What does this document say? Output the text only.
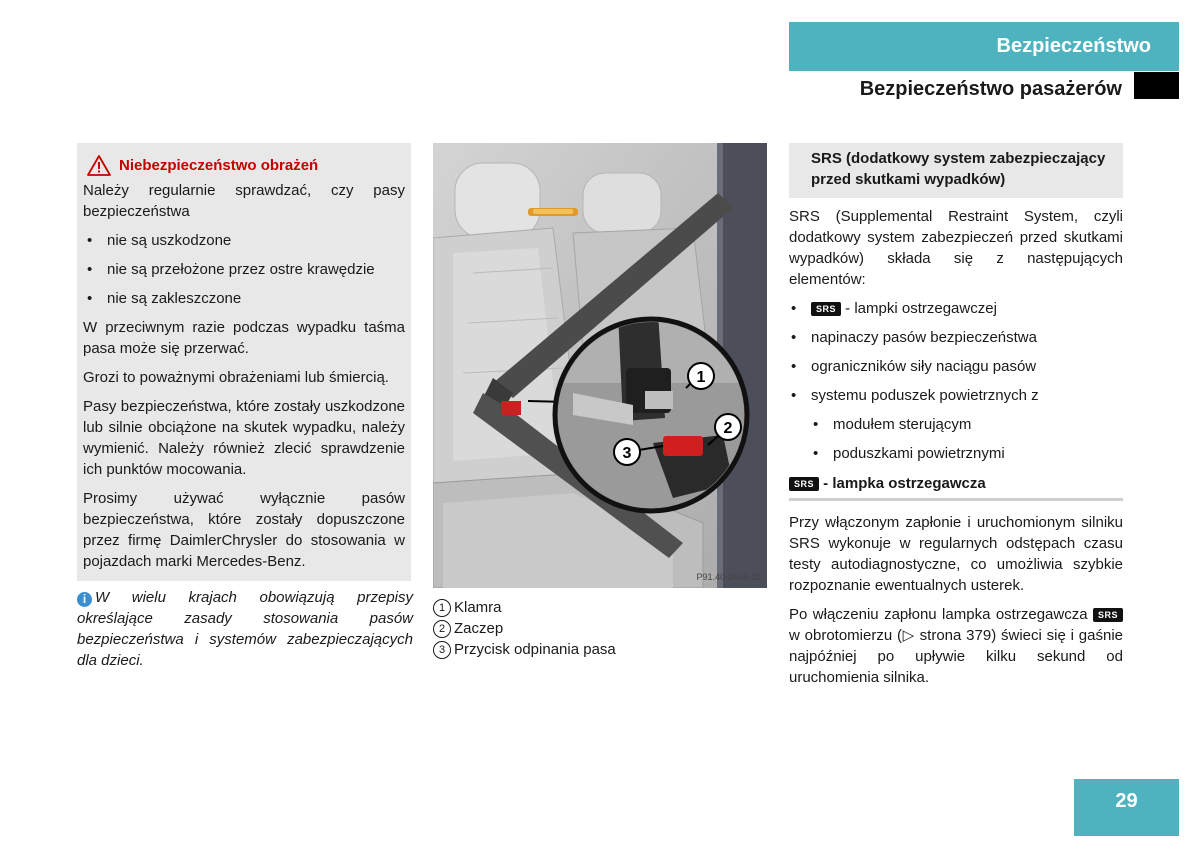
Bezpieczeństwo
Bezpieczeństwo pasażerów
Niebezpieczeństwo obrażeń

Należy regularnie sprawdzać, czy pasy bezpieczeństwa

• nie są uszkodzone
• nie są przełożone przez ostre krawędzie
• nie są zakleszczone

W przeciwnym razie podczas wypadku taśma pasa może się przerwać.

Grozi to poważnymi obrażeniami lub śmiercią.

Pasy bezpieczeństwa, które zostały uszkodzone lub silnie obciążone na skutek wypadku, należy wymienić. Należy również zlecić sprawdzenie ich punktów mocowania.

Prosimy używać wyłącznie pasów bezpieczeństwa, które zostały dopuszczone przez firmę DaimlerChrysler do stosowania w pojazdach marki Mercedes-Benz.

i W wielu krajach obowiązują przepisy określające zasady stosowania pasów bezpieczeństwa i systemów zabezpieczających dla dzieci.
1
2
3
P91.40-2618-31
1 Klamra
2 Zaczep
3 Przycisk odpinania pasa
SRS (dodatkowy system zabezpieczający przed skutkami wypadków)

SRS (Supplemental Restraint System, czyli dodatkowy system zabezpieczeń przed skutkami wypadków) składa się z następujących elementów:

• SRS - lampki ostrzegawczej
• napinaczy pasów bezpieczeństwa
• ograniczników siły naciągu pasów
• systemu poduszek powietrznych z
• modułem sterującym
• poduszkami powietrznymi
SRS - lampka ostrzegawcza

Przy włączonym zapłonie i uruchomionym silniku SRS wykonuje w regularnych odstępach czasu testy autodiagnostyczne, co umożliwia szybkie rozpoznanie ewentualnych usterek.

Po włączeniu zapłonu lampka ostrzegawcza SRS w obrotomierzu (▷ strona 379) świeci się i gaśnie najpóźniej po upływie kilku sekund od uruchomienia silnika.

29
